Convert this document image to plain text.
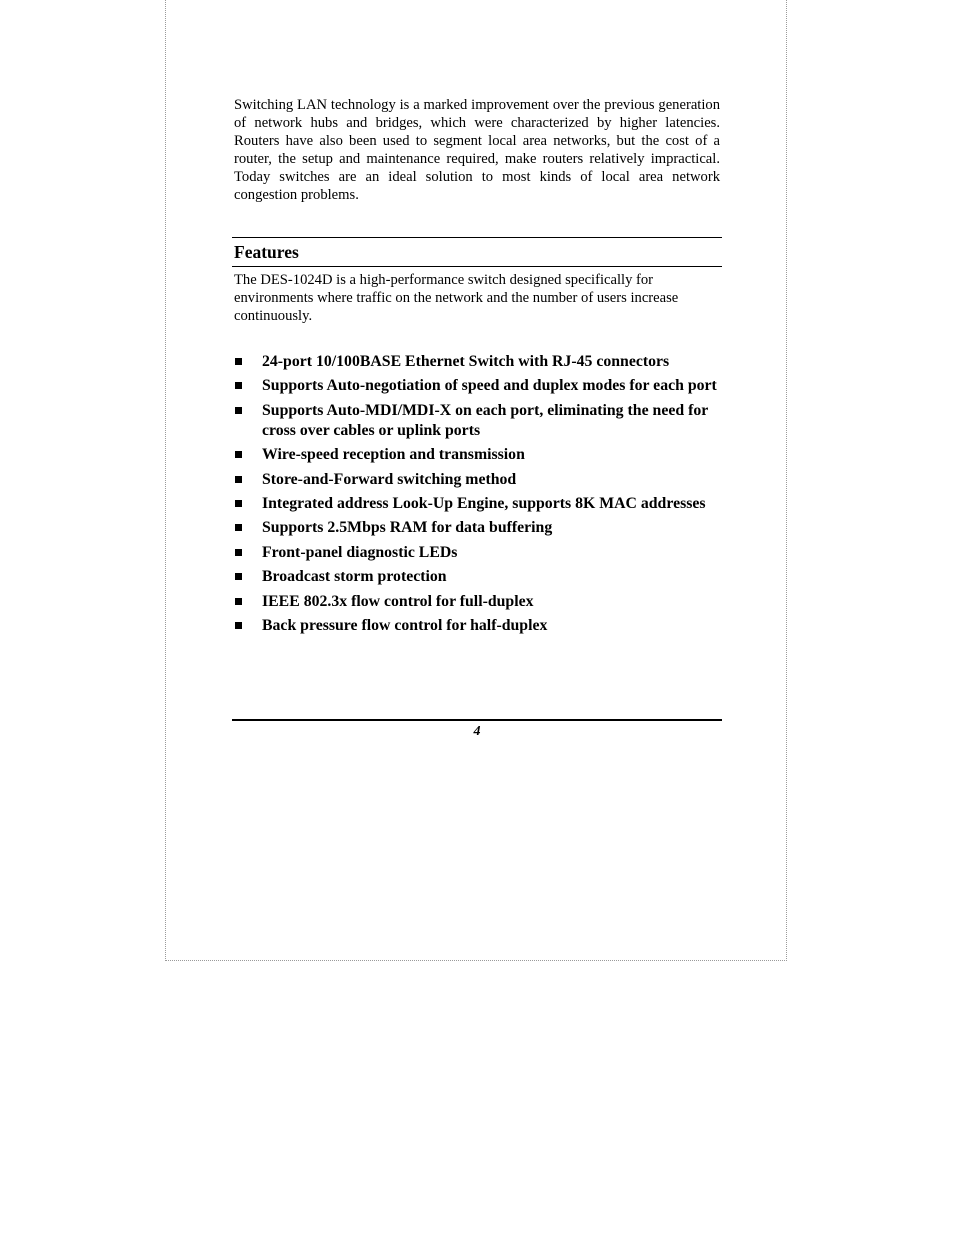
Switching LAN technology is a marked improvement over the previous generation of network hubs and bridges, which were characterized by higher latencies. Routers have also been used to segment local area networks, but the cost of a router, the setup and maintenance required, make routers relatively impractical. Today switches are an ideal solution to most kinds of local area network congestion problems.

Features

The DES-1024D is a high-performance switch designed specifically for environments where traffic on the network and the number of users increase continuously.

24-port 10/100BASE Ethernet Switch with RJ-45 connectors
Supports Auto-negotiation of speed and duplex modes for each port
Supports Auto-MDI/MDI-X on each port, eliminating the need for cross over cables or uplink ports
Wire-speed reception and transmission
Store-and-Forward switching method
Integrated address Look-Up Engine, supports 8K MAC addresses
Supports 2.5Mbps RAM for data buffering
Front-panel diagnostic LEDs
Broadcast storm protection
IEEE 802.3x flow control for full-duplex
Back pressure flow control for half-duplex
4
